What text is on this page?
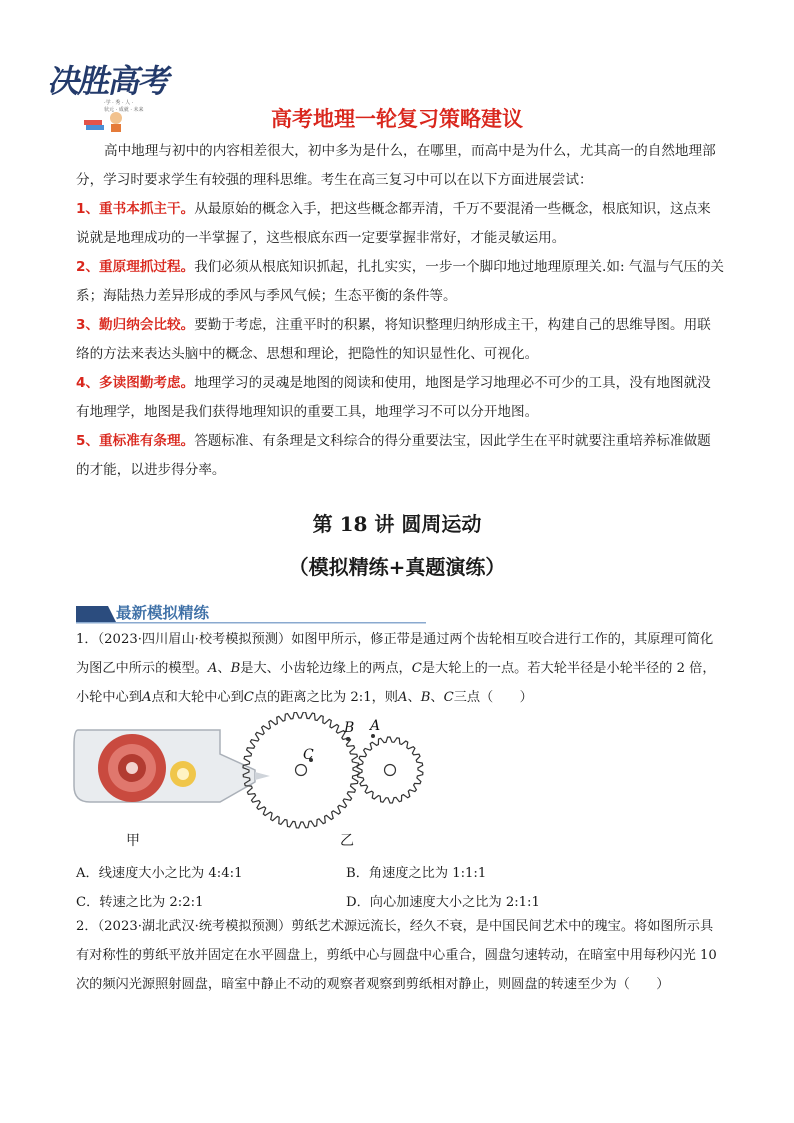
决胜高考
·学 · 秀 · 人 ·
状元 · 成就 · 未来	高考地理一轮复习策略建议

高中地理与初中的内容相差很大，初中多为是什么，在哪里，而高中是为什么，尤其高一的自然地理部分，学习时要求学生有较强的理科思维。考生在高三复习中可以在以下方面进展尝试：

1、重书本抓主干。从最原始的概念入手，把这些概念都弄清，千万不要混淆一些概念，根底知识，这点来说就是地理成功的一半掌握了，这些根底东西一定要掌握非常好，才能灵敏运用。

2、重原理抓过程。我们必须从根底知识抓起，扎扎实实，一步一个脚印地过地理原理关.如: 气温与气压的关系；海陆热力差异形成的季风与季风气候；生态平衡的条件等。

3、勤归纳会比较。要勤于考虑，注重平时的积累，将知识整理归纳形成主干，构建自己的思维导图。用联络的方法来表达头脑中的概念、思想和理论，把隐性的知识显性化、可视化。

4、多读图勤考虑。地理学习的灵魂是地图的阅读和使用，地图是学习地理必不可少的工具，没有地图就没有地理学，地图是我们获得地理知识的重要工具，地理学习不可以分开地图。

5、重标准有条理。答题标准、有条理是文科综合的得分重要法宝，因此学生在平时就要注重培养标准做题的才能，以进步得分率。

第 18 讲 圆周运动
（模拟精练+真题演练）
最新模拟精练

1．（2023·四川眉山·校考模拟预测）如图甲所示，修正带是通过两个齿轮相互咬合进行工作的，其原理可简化为图乙中所示的模型。A、B是大、小齿轮边缘上的两点，C是大轮上的一点。若大轮半径是小轮半径的 2 倍，小轮中心到A点和大轮中心到C点的距离之比为 2:1，则A、B、C三点（　　）

C
B A
甲	乙
A．线速度大小之比为 4:4:1	B．角速度之比为 1:1:1
C．转速之比为 2:2:1	D．向心加速度大小之比为 2:1:1

2．（2023·湖北武汉·统考模拟预测）剪纸艺术源远流长，经久不衰，是中国民间艺术中的瑰宝。将如图所示具有对称性的剪纸平放并固定在水平圆盘上，剪纸中心与圆盘中心重合，圆盘匀速转动，在暗室中用每秒闪光 10 次的频闪光源照射圆盘，暗室中静止不动的观察者观察到剪纸相对静止，则圆盘的转速至少为（　　）
